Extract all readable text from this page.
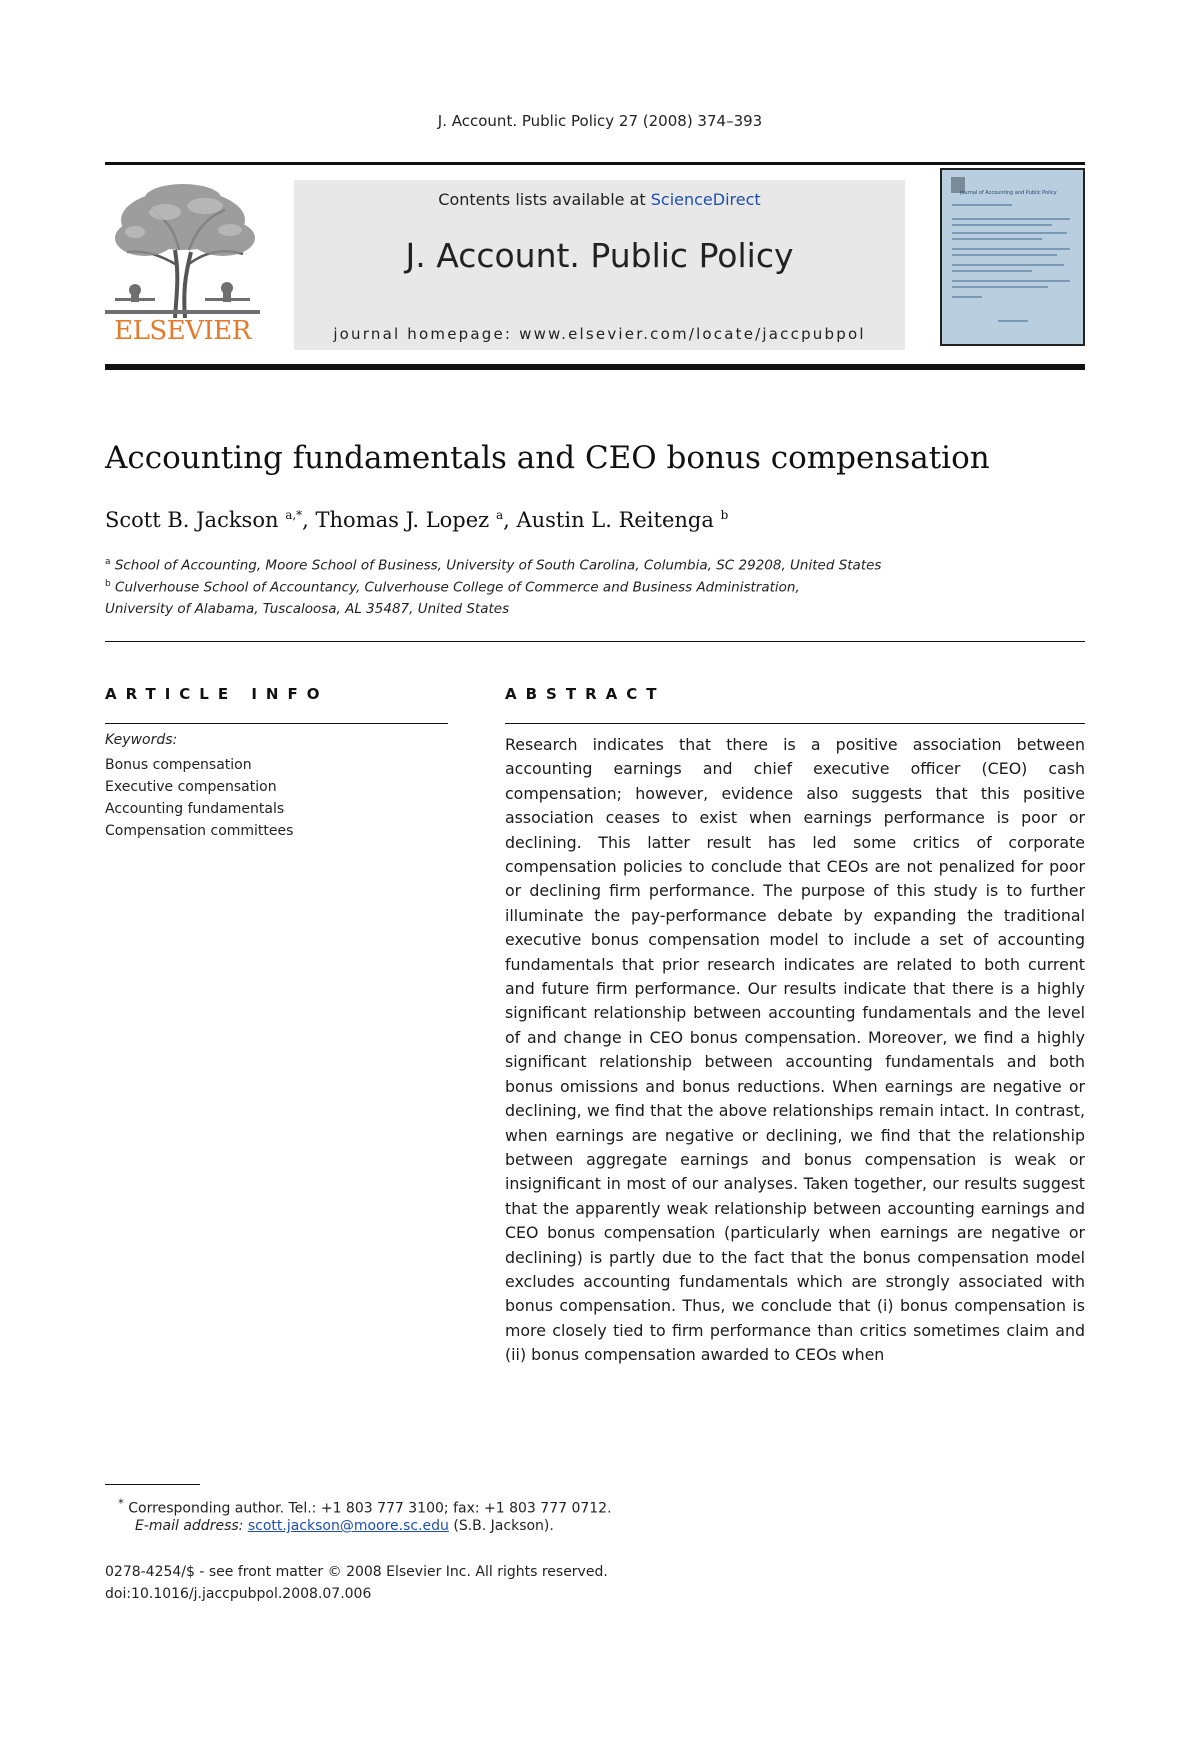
J. Account. Public Policy 27 (2008) 374–393
ELSEVIER
Contents lists available at ScienceDirect
J. Account. Public Policy
journal homepage: www.elsevier.com/locate/jaccpubpol
Journal of Accounting and Public Policy
Accounting fundamentals and CEO bonus compensation
Scott B. Jackson $^{a,*}$, Thomas J. Lopez $^a$, Austin L. Reitenga $^b$
$^a$ School of Accounting, Moore School of Business, University of South Carolina, Columbia, SC 29208, United States
$^b$ Culverhouse School of Accountancy, Culverhouse College of Commerce and Business Administration,
University of Alabama, Tuscaloosa, AL 35487, United States
ARTICLE INFO
Keywords:
Bonus compensation
Executive compensation
Accounting fundamentals
Compensation committees
ABSTRACT
Research indicates that there is a positive association between accounting earnings and chief executive officer (CEO) cash compensation; however, evidence also suggests that this positive association ceases to exist when earnings performance is poor or declining. This latter result has led some critics of corporate compensation policies to conclude that CEOs are not penalized for poor or declining firm performance. The purpose of this study is to further illuminate the pay-performance debate by expanding the traditional executive bonus compensation model to include a set of accounting fundamentals that prior research indicates are related to both current and future firm performance. Our results indicate that there is a highly significant relationship between accounting fundamentals and the level of and change in CEO bonus compensation. Moreover, we find a highly significant relationship between accounting fundamentals and both bonus omissions and bonus reductions. When earnings are negative or declining, we find that the above relationships remain intact. In contrast, when earnings are negative or declining, we find that the relationship between aggregate earnings and bonus compensation is weak or insignificant in most of our analyses. Taken together, our results suggest that the apparently weak relationship between accounting earnings and CEO bonus compensation (particularly when earnings are negative or declining) is partly due to the fact that the bonus compensation model excludes accounting fundamentals which are strongly associated with bonus compensation. Thus, we conclude that (i) bonus compensation is more closely tied to firm performance than critics sometimes claim and (ii) bonus compensation awarded to CEOs when
* Corresponding author. Tel.: +1 803 777 3100; fax: +1 803 777 0712.
E-mail address: scott.jackson@moore.sc.edu (S.B. Jackson).
0278-4254/$ - see front matter © 2008 Elsevier Inc. All rights reserved.
doi:10.1016/j.jaccpubpol.2008.07.006
